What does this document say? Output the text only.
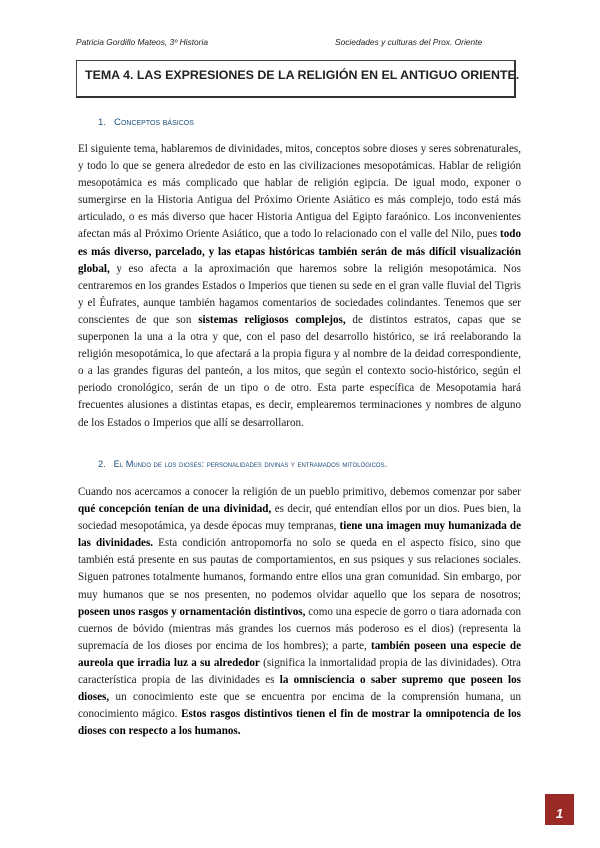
Patricia Gordillo Mateos, 3º Historia	Sociedades y culturas del Prox. Oriente
TEMA 4. LAS EXPRESIONES DE LA RELIGIÓN EN EL ANTIGUO ORIENTE.
1. Conceptos básicos
El siguiente tema, hablaremos de divinidades, mitos, conceptos sobre dioses y seres sobrenaturales, y todo lo que se genera alrededor de esto en las civilizaciones mesopotámicas. Hablar de religión mesopotámica es más complicado que hablar de religión egipcia. De igual modo, exponer o sumergirse en la Historia Antigua del Próximo Oriente Asiático es más complejo, todo está más articulado, o es más diverso que hacer Historia Antigua del Egipto faraónico. Los inconvenientes afectan más al Próximo Oriente Asiático, que a todo lo relacionado con el valle del Nilo, pues todo es más diverso, parcelado, y las etapas históricas también serán de más difícil visualización global, y eso afecta a la aproximación que haremos sobre la religión mesopotámica. Nos centraremos en los grandes Estados o Imperios que tienen su sede en el gran valle fluvial del Tigris y el Éufrates, aunque también hagamos comentarios de sociedades colindantes. Tenemos que ser conscientes de que son sistemas religiosos complejos, de distintos estratos, capas que se superponen la una a la otra y que, con el paso del desarrollo histórico, se irá reelaborando la religión mesopotámica, lo que afectará a la propia figura y al nombre de la deidad correspondiente, o a las grandes figuras del panteón, a los mitos, que según el contexto socio-histórico, según el periodo cronológico, serán de un tipo o de otro. Esta parte específica de Mesopotamia hará frecuentes alusiones a distintas etapas, es decir, emplearemos terminaciones y nombres de alguno de los Estados o Imperios que allí se desarrollaron.
2. El Mundo de los dioses: personalidades divinas y entramados mitológicos.
Cuando nos acercamos a conocer la religión de un pueblo primitivo, debemos comenzar por saber qué concepción tenían de una divinidad, es decir, qué entendían ellos por un dios. Pues bien, la sociedad mesopotámica, ya desde épocas muy tempranas, tiene una imagen muy humanizada de las divinidades. Esta condición antropomorfa no solo se queda en el aspecto físico, sino que también está presente en sus pautas de comportamientos, en sus psiques y sus relaciones sociales. Siguen patrones totalmente humanos, formando entre ellos una gran comunidad. Sin embargo, por muy humanos que se nos presenten, no podemos olvidar aquello que los separa de nosotros; poseen unos rasgos y ornamentación distintivos, como una especie de gorro o tiara adornada con cuernos de bóvido (mientras más grandes los cuernos más poderoso es el dios) (representa la supremacía de los dioses por encima de los hombres); a parte, también poseen una especie de aureola que irradia luz a su alrededor (significa la inmortalidad propia de las divinidades). Otra característica propia de las divinidades es la omnisciencia o saber supremo que poseen los dioses, un conocimiento este que se encuentra por encima de la comprensión humana, un conocimiento mágico. Estos rasgos distintivos tienen el fin de mostrar la omnipotencia de los dioses con respecto a los humanos.
1
